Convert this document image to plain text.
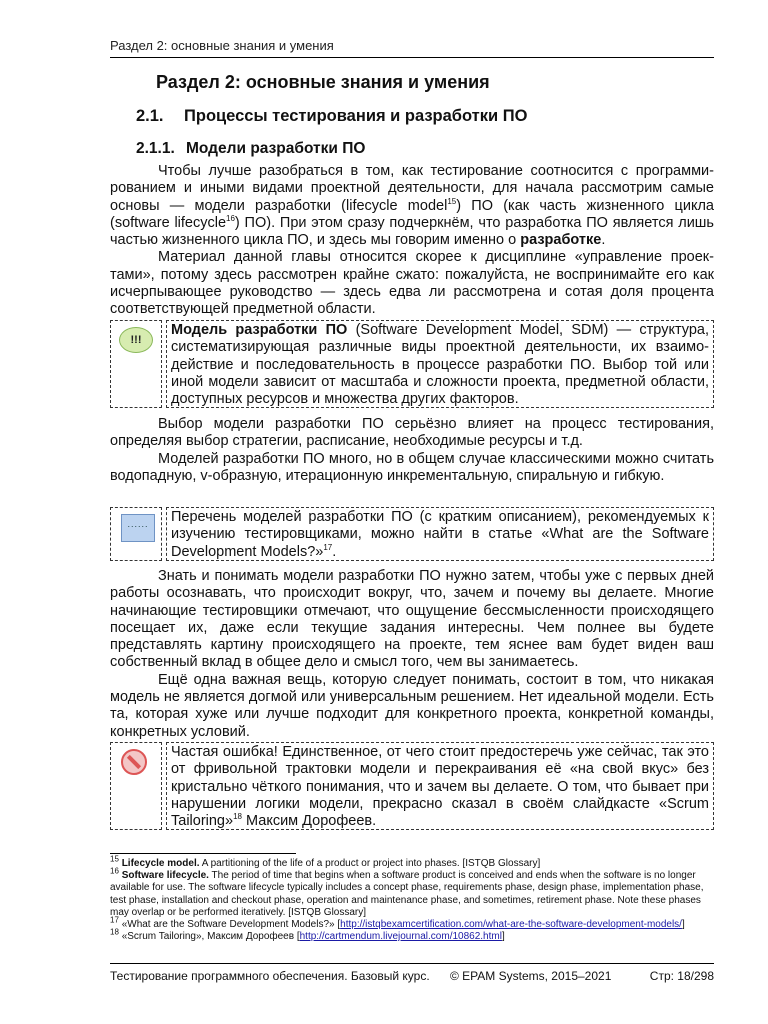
Раздел 2: основные знания и умения
Раздел 2: основные знания и умения
2.1. Процессы тестирования и разработки ПО
2.1.1. Модели разработки ПО

Чтобы лучше разобраться в том, как тестирование соотносится с программированием и иными видами проектной деятельности, для начала рассмотрим самые основы — модели разработки (lifecycle model$^{15}$) ПО (как часть жизненного цикла (software lifecycle$^{16}$) ПО). При этом сразу подчеркнём, что разработка ПО является лишь частью жизненного цикла ПО, и здесь мы говорим именно о разработке.

Материал данной главы относится скорее к дисциплине «управление проектами», потому здесь рассмотрен крайне сжато: пожалуйста, не воспринимайте его как исчерпывающее руководство — здесь едва ли рассмотрена и сотая доля процента соответствующей предметной области.

!!!
Модель разработки ПО (Software Development Model, SDM) — структура, систематизирующая различные виды проектной деятельности, их взаимодействие и последовательность в процессе разработки ПО. Выбор той или иной модели зависит от масштаба и сложности проекта, предметной области, доступных ресурсов и множества других факторов.

Выбор модели разработки ПО серьёзно влияет на процесс тестирования, определяя выбор стратегии, расписание, необходимые ресурсы и т.д.

Моделей разработки ПО много, но в общем случае классическими можно считать водопадную, v-образную, итерационную инкрементальную, спиральную и гибкую.

......	Перечень моделей разработки ПО (с кратким описанием), рекомендуемых к изучению тестировщиками, можно найти в статье «What are the Software Development Models?»$^{17}$.

Знать и понимать модели разработки ПО нужно затем, чтобы уже с первых дней работы осознавать, что происходит вокруг, что, зачем и почему вы делаете. Многие начинающие тестировщики отмечают, что ощущение бессмысленности происходящего посещает их, даже если текущие задания интересны. Чем полнее вы будете представлять картину происходящего на проекте, тем яснее вам будет виден ваш собственный вклад в общее дело и смысл того, чем вы занимаетесь.

Ещё одна важная вещь, которую следует понимать, состоит в том, что никакая модель не является догмой или универсальным решением. Нет идеальной модели. Есть та, которая хуже или лучше подходит для конкретного проекта, конкретной команды, конкретных условий.

Частая ошибка! Единственное, от чего стоит предостеречь уже сейчас, так это от фривольной трактовки модели и перекраивания её «на свой вкус» без кристально чёткого понимания, что и зачем вы делаете. О том, что бывает при нарушении логики модели, прекрасно сказал в своём слайдкасте «Scrum Tailoring»$^{18}$ Максим Дорофеев.
$^{15}$ Lifecycle model. A partitioning of the life of a product or project into phases. [ISTQB Glossary]
$^{16}$ Software lifecycle. The period of time that begins when a software product is conceived and ends when the software is no longer available for use. The software lifecycle typically includes a concept phase, requirements phase, design phase, implementation phase, test phase, installation and checkout phase, operation and maintenance phase, and sometimes, retirement phase. Note these phases may overlap or be performed iteratively. [ISTQB Glossary]
$^{17}$ «What are the Software Development Models?» [http://istqbexamcertification.com/what-are-the-software-development-models/]
$^{18}$ «Scrum Tailoring», Максим Дорофеев [http://cartmendum.livejournal.com/10862.html]
Тестирование программного обеспечения. Базовый курс. © EPAM Systems, 2015–2021	Стр: 18/298
